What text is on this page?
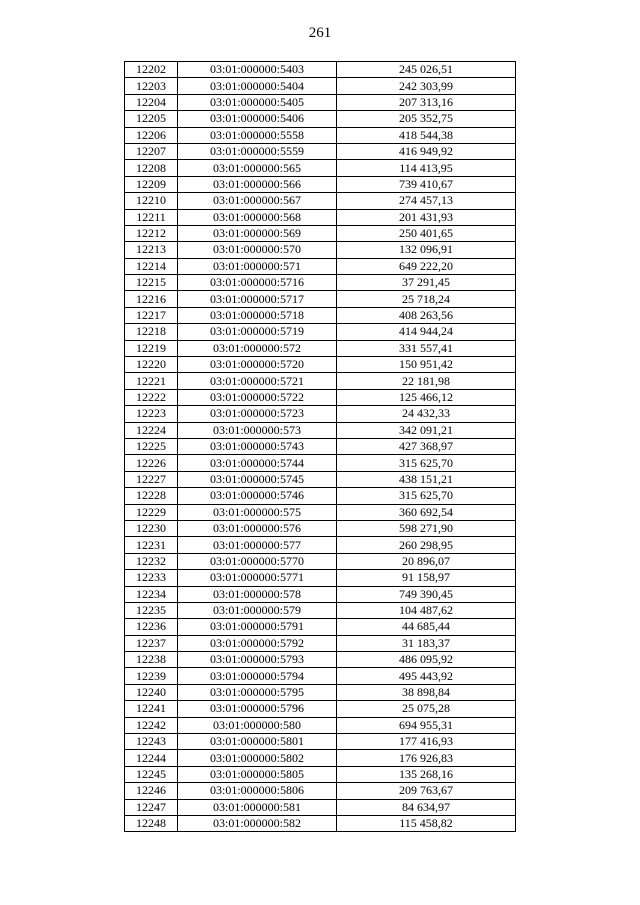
261
12202	03:01:000000:5403	245 026,51
12203	03:01:000000:5404	242 303,99
12204	03:01:000000:5405	207 313,16
12205	03:01:000000:5406	205 352,75
12206	03:01:000000:5558	418 544,38
12207	03:01:000000:5559	416 949,92
12208	03:01:000000:565	114 413,95
12209	03:01:000000:566	739 410,67
12210	03:01:000000:567	274 457,13
12211	03:01:000000:568	201 431,93
12212	03:01:000000:569	250 401,65
12213	03:01:000000:570	132 096,91
12214	03:01:000000:571	649 222,20
12215	03:01:000000:5716	37 291,45
12216	03:01:000000:5717	25 718,24
12217	03:01:000000:5718	408 263,56
12218	03:01:000000:5719	414 944,24
12219	03:01:000000:572	331 557,41
12220	03:01:000000:5720	150 951,42
12221	03:01:000000:5721	22 181,98
12222	03:01:000000:5722	125 466,12
12223	03:01:000000:5723	24 432,33
12224	03:01:000000:573	342 091,21
12225	03:01:000000:5743	427 368,97
12226	03:01:000000:5744	315 625,70
12227	03:01:000000:5745	438 151,21
12228	03:01:000000:5746	315 625,70
12229	03:01:000000:575	360 692,54
12230	03:01:000000:576	598 271,90
12231	03:01:000000:577	260 298,95
12232	03:01:000000:5770	20 896,07
12233	03:01:000000:5771	91 158,97
12234	03:01:000000:578	749 390,45
12235	03:01:000000:579	104 487,62
12236	03:01:000000:5791	44 685,44
12237	03:01:000000:5792	31 183,37
12238	03:01:000000:5793	486 095,92
12239	03:01:000000:5794	495 443,92
12240	03:01:000000:5795	38 898,84
12241	03:01:000000:5796	25 075,28
12242	03:01:000000:580	694 955,31
12243	03:01:000000:5801	177 416,93
12244	03:01:000000:5802	176 926,83
12245	03:01:000000:5805	135 268,16
12246	03:01:000000:5806	209 763,67
12247	03:01:000000:581	84 634,97
12248	03:01:000000:582	115 458,82
